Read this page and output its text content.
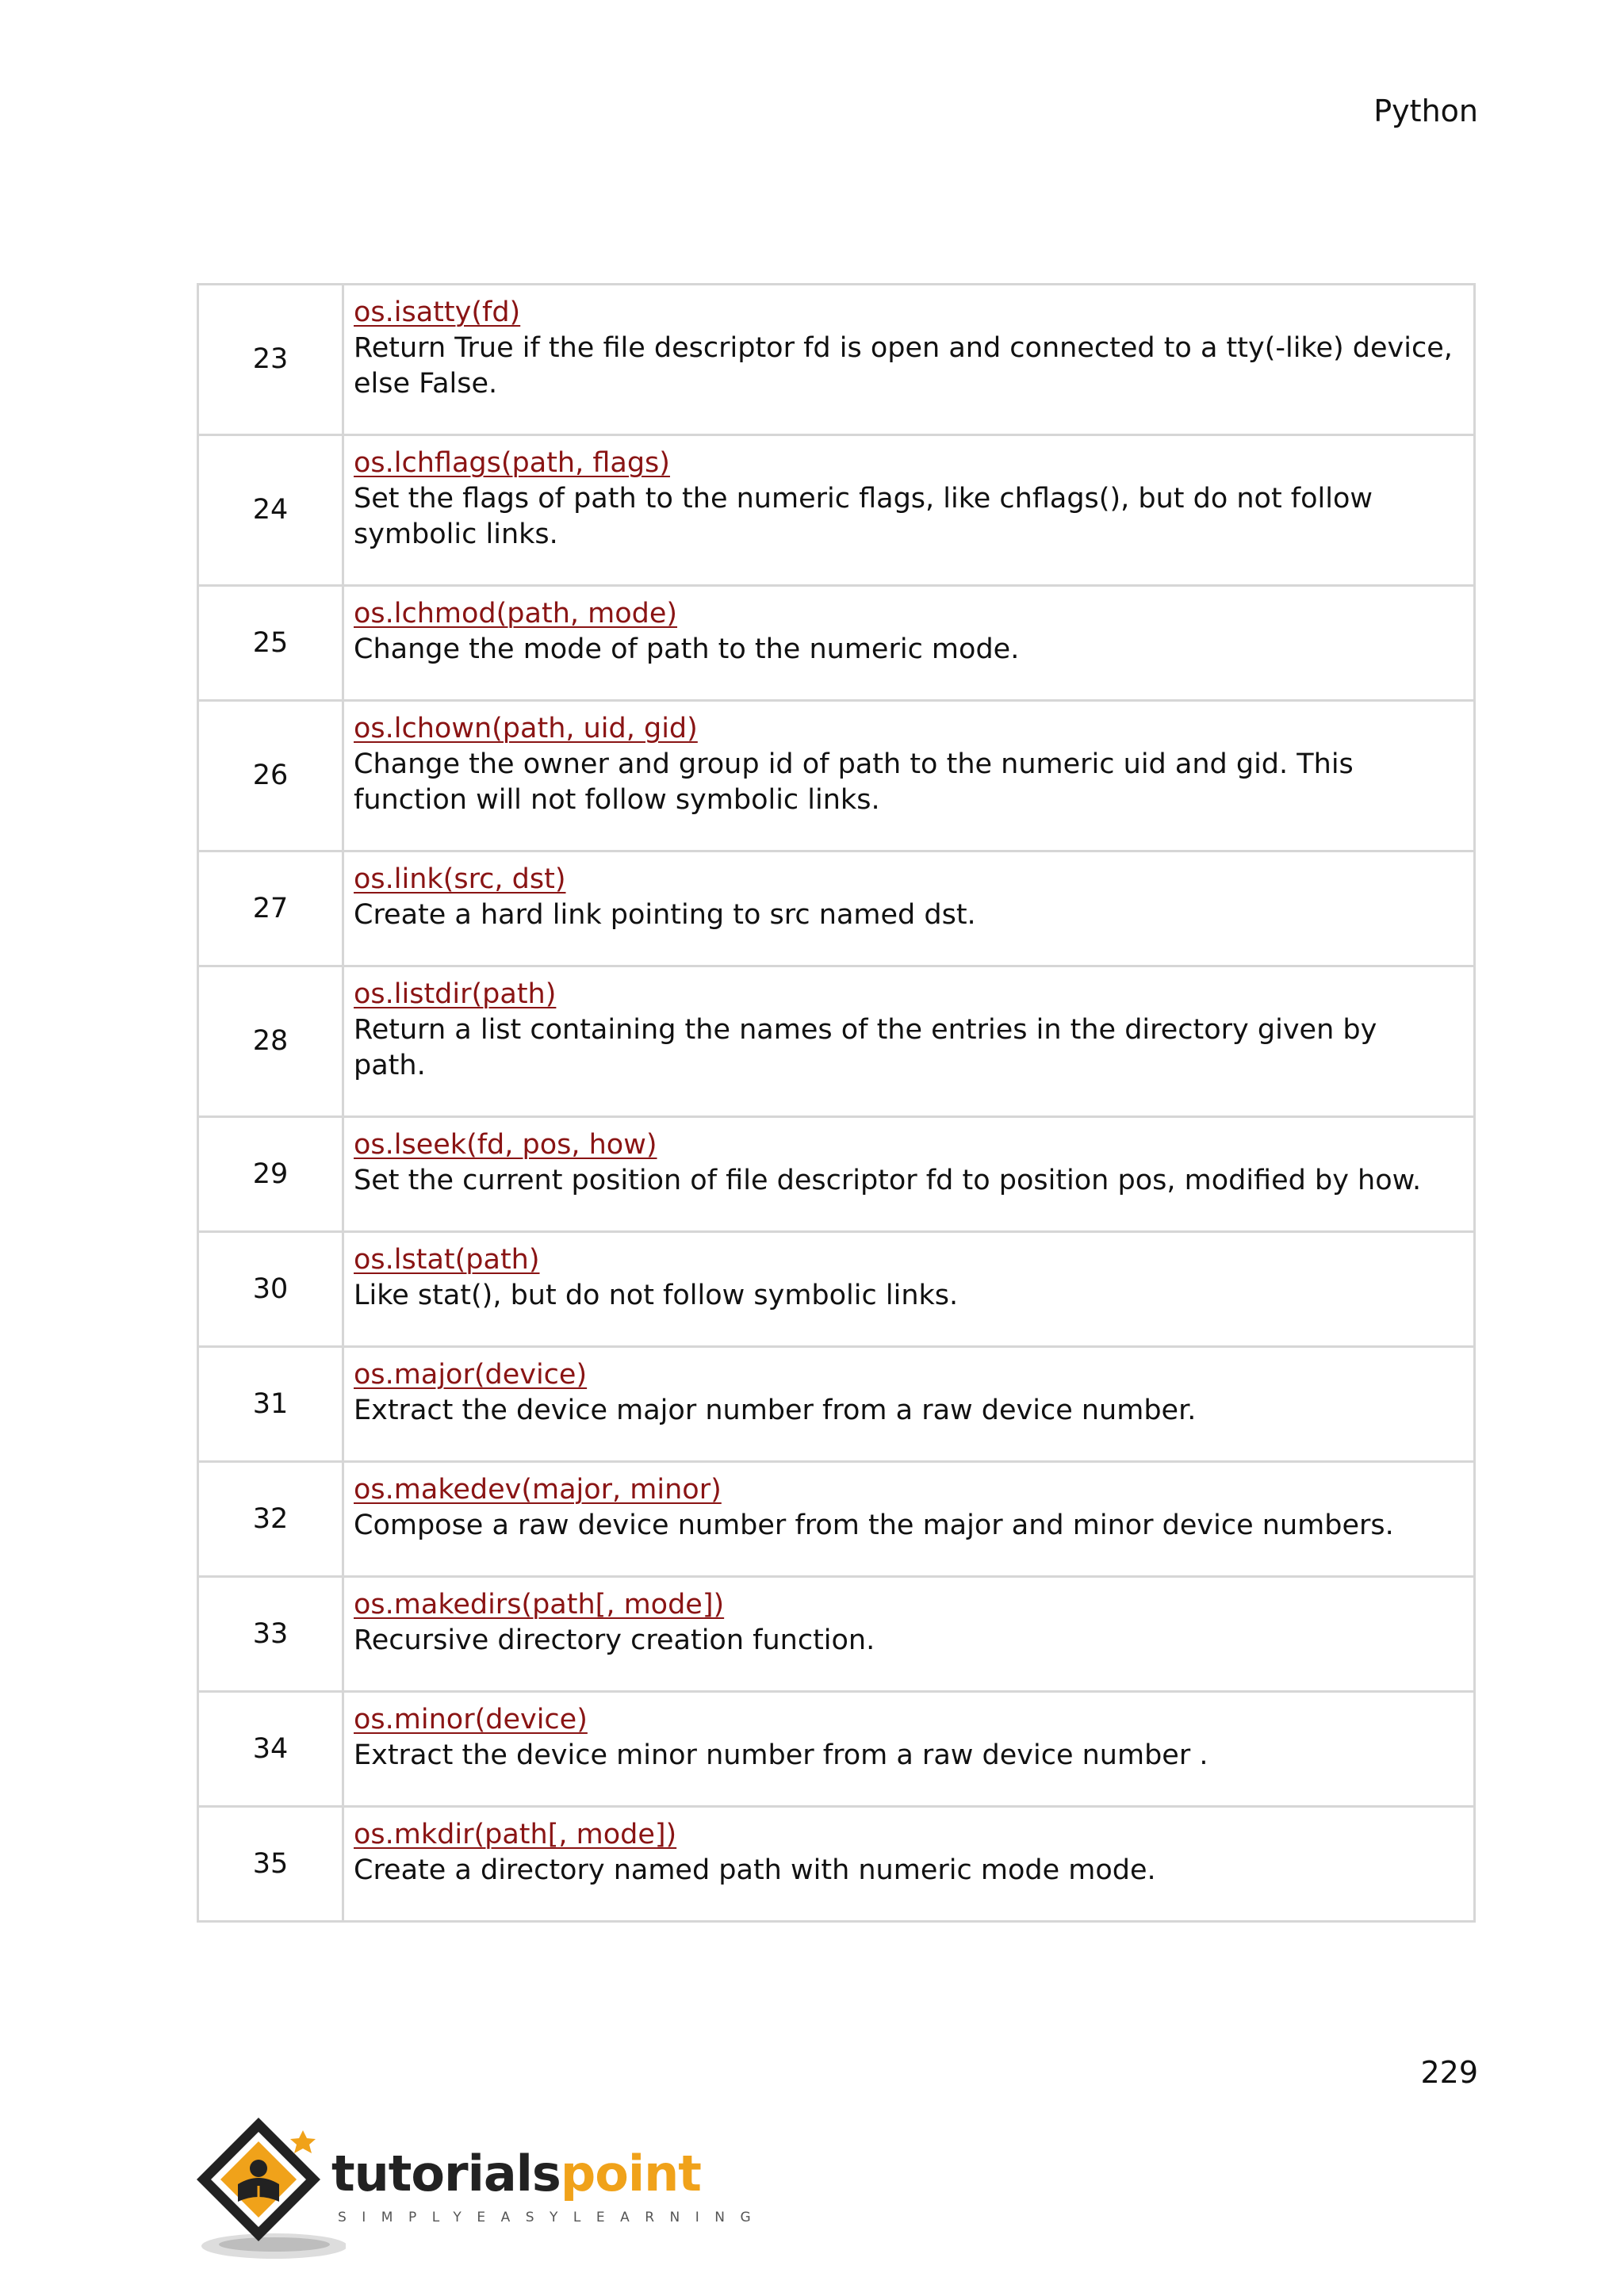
Python
23	os.isatty(fd)
Return True if the file descriptor fd is open and connected to a tty(-like) device, else False.

24	os.lchflags(path, flags)
Set the flags of path to the numeric flags, like chflags(), but do not follow symbolic links.

25	os.lchmod(path, mode)
Change the mode of path to the numeric mode.

26	os.lchown(path, uid, gid)
Change the owner and group id of path to the numeric uid and gid. This function will not follow symbolic links.

27	os.link(src, dst)
Create a hard link pointing to src named dst.

28	os.listdir(path)
Return a list containing the names of the entries in the directory given by path.

29	os.lseek(fd, pos, how)
Set the current position of file descriptor fd to position pos, modified by how.

30	os.lstat(path)
Like stat(), but do not follow symbolic links.

31	os.major(device)
Extract the device major number from a raw device number.

32	os.makedev(major, minor)
Compose a raw device number from the major and minor device numbers.

33	os.makedirs(path[, mode])
Recursive directory creation function.

34	os.minor(device)
Extract the device minor number from a raw device number .

35	os.mkdir(path[, mode])
Create a directory named path with numeric mode mode.
229
tutorialspoint
SIMPLYEASYLEARNING
